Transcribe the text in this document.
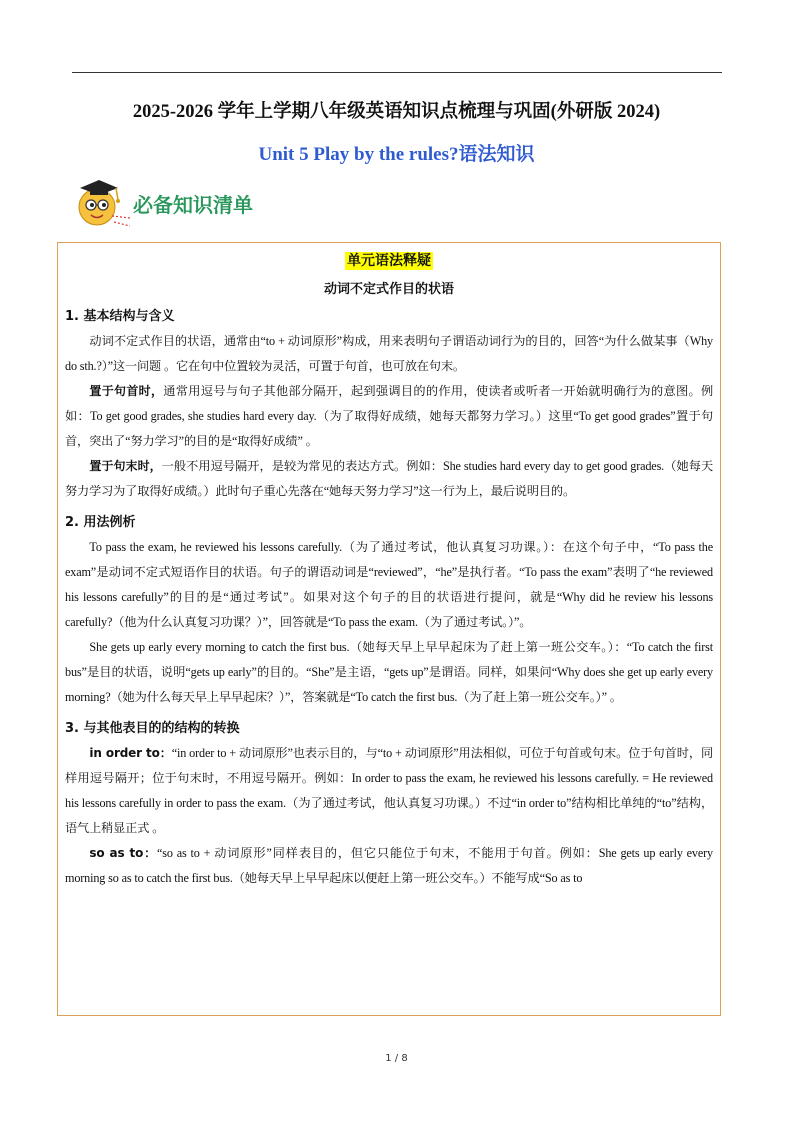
2025-2026 学年上学期八年级英语知识点梳理与巩固(外研版 2024)
Unit 5 Play by the rules?语法知识
必备知识清单
单元语法释疑
动词不定式作目的状语
1. 基本结构与含义

动词不定式作目的状语，通常由“to + 动词原形”构成，用来表明句子谓语动词行为的目的，回答“为什么做某事（Why do sth.?）”这一问题 。它在句中位置较为灵活，可置于句首，也可放在句末。

置于句首时，通常用逗号与句子其他部分隔开，起到强调目的的作用，使读者或听者一开始就明确行为的意图。例如：To get good grades, she studies hard every day.（为了取得好成绩，她每天都努力学习。）这里“To get good grades”置于句首，突出了“努力学习”的目的是“取得好成绩” 。

置于句末时，一般不用逗号隔开，是较为常见的表达方式。例如：She studies hard every day to get good grades.（她每天努力学习为了取得好成绩。）此时句子重心先落在“她每天努力学习”这一行为上，最后说明目的。

2. 用法例析

To pass the exam, he reviewed his lessons carefully.（为了通过考试，他认真复习功课。）：在这个句子中，“To pass the exam”是动词不定式短语作目的状语。句子的谓语动词是“reviewed”，“he”是执行者。“To pass the exam”表明了“he reviewed his lessons carefully”的目的是“通过考试”。如果对这个句子的目的状语进行提问，就是“Why did he review his lessons carefully?（他为什么认真复习功课？）”，回答就是“To pass the exam.（为了通过考试。）”。

She gets up early every morning to catch the first bus.（她每天早上早早起床为了赶上第一班公交车。）：“To catch the first bus”是目的状语，说明“gets up early”的目的。“She”是主语，“gets up”是谓语。同样，如果问“Why does she get up early every morning?（她为什么每天早上早早起床？）”，答案就是“To catch the first bus.（为了赶上第一班公交车。）” 。

3. 与其他表目的的结构的转换

in order to：“in order to + 动词原形”也表示目的，与“to + 动词原形”用法相似，可位于句首或句末。位于句首时，同样用逗号隔开；位于句末时，不用逗号隔开。例如：In order to pass the exam, he reviewed his lessons carefully. = He reviewed his lessons carefully in order to pass the exam.（为了通过考试，他认真复习功课。）不过“in order to”结构相比单纯的“to”结构，语气上稍显正式 。

so as to：“so as to + 动词原形”同样表目的，但它只能位于句末，不能用于句首。例如：She gets up early every morning so as to catch the first bus.（她每天早上早早起床以便赶上第一班公交车。）不能写成“So as to

1 / 8
